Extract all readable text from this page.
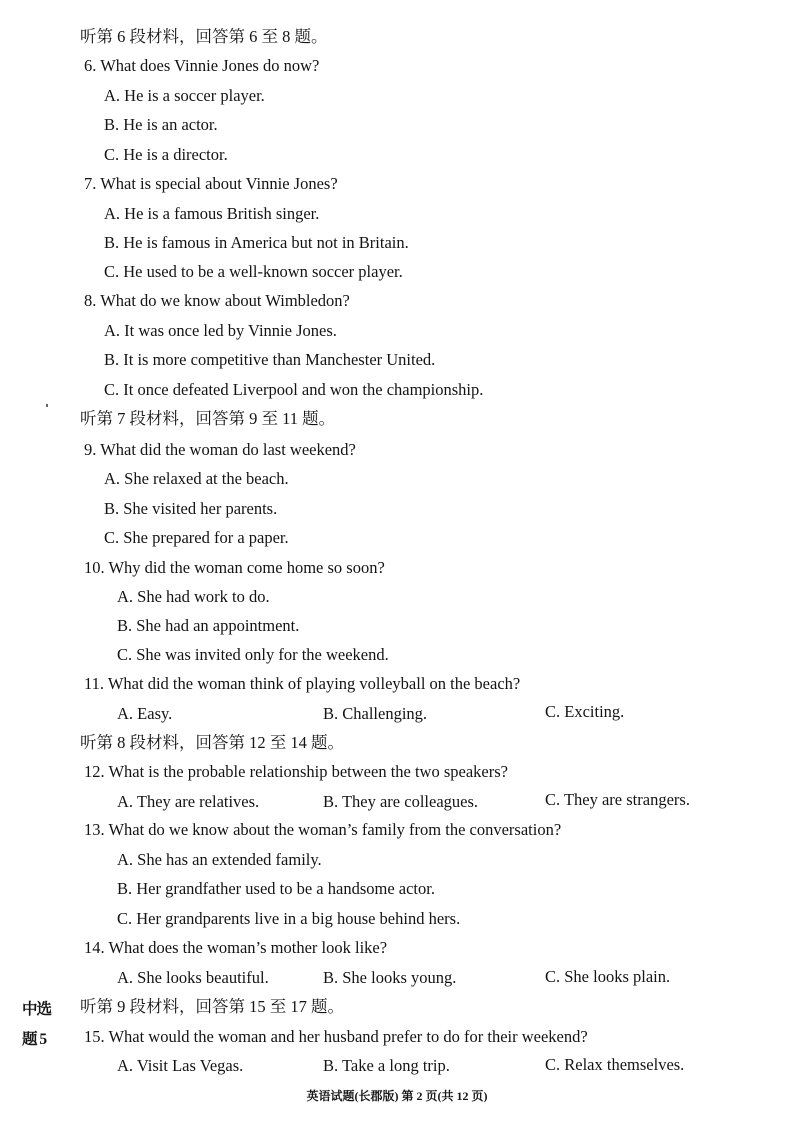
听第 6 段材料，回答第 6 至 8 题。
6. What does Vinnie Jones do now?
A. He is a soccer player.
B. He is an actor.
C. He is a director.
7. What is special about Vinnie Jones?
A. He is a famous British singer.
B. He is famous in America but not in Britain.
C. He used to be a well-known soccer player.
8. What do we know about Wimbledon?
A. It was once led by Vinnie Jones.
B. It is more competitive than Manchester United.
C. It once defeated Liverpool and won the championship.
听第 7 段材料，回答第 9 至 11 题。
9. What did the woman do last weekend?
A. She relaxed at the beach.
B. She visited her parents.
C. She prepared for a paper.
10. Why did the woman come home so soon?
A. She had work to do.
B. She had an appointment.
C. She was invited only for the weekend.
11. What did the woman think of playing volleyball on the beach?
A. Easy.	B. Challenging.	C. Exciting.
听第 8 段材料，回答第 12 至 14 题。
12. What is the probable relationship between the two speakers?
A. They are relatives.	B. They are colleagues.	C. They are strangers.
13. What do we know about the woman’s family from the conversation?
A. She has an extended family.
B. Her grandfather used to be a handsome actor.
C. Her grandparents live in a big house behind hers.
14. What does the woman’s mother look like?
A. She looks beautiful.	B. She looks young.	C. She looks plain.
中选 听第 9 段材料，回答第 15 至 17 题。
题 5 15. What would the woman and her husband prefer to do for their weekend?
A. Visit Las Vegas.	B. Take a long trip.	C. Relax themselves.
英语试题(长郡版) 第 2 页(共 12 页)
